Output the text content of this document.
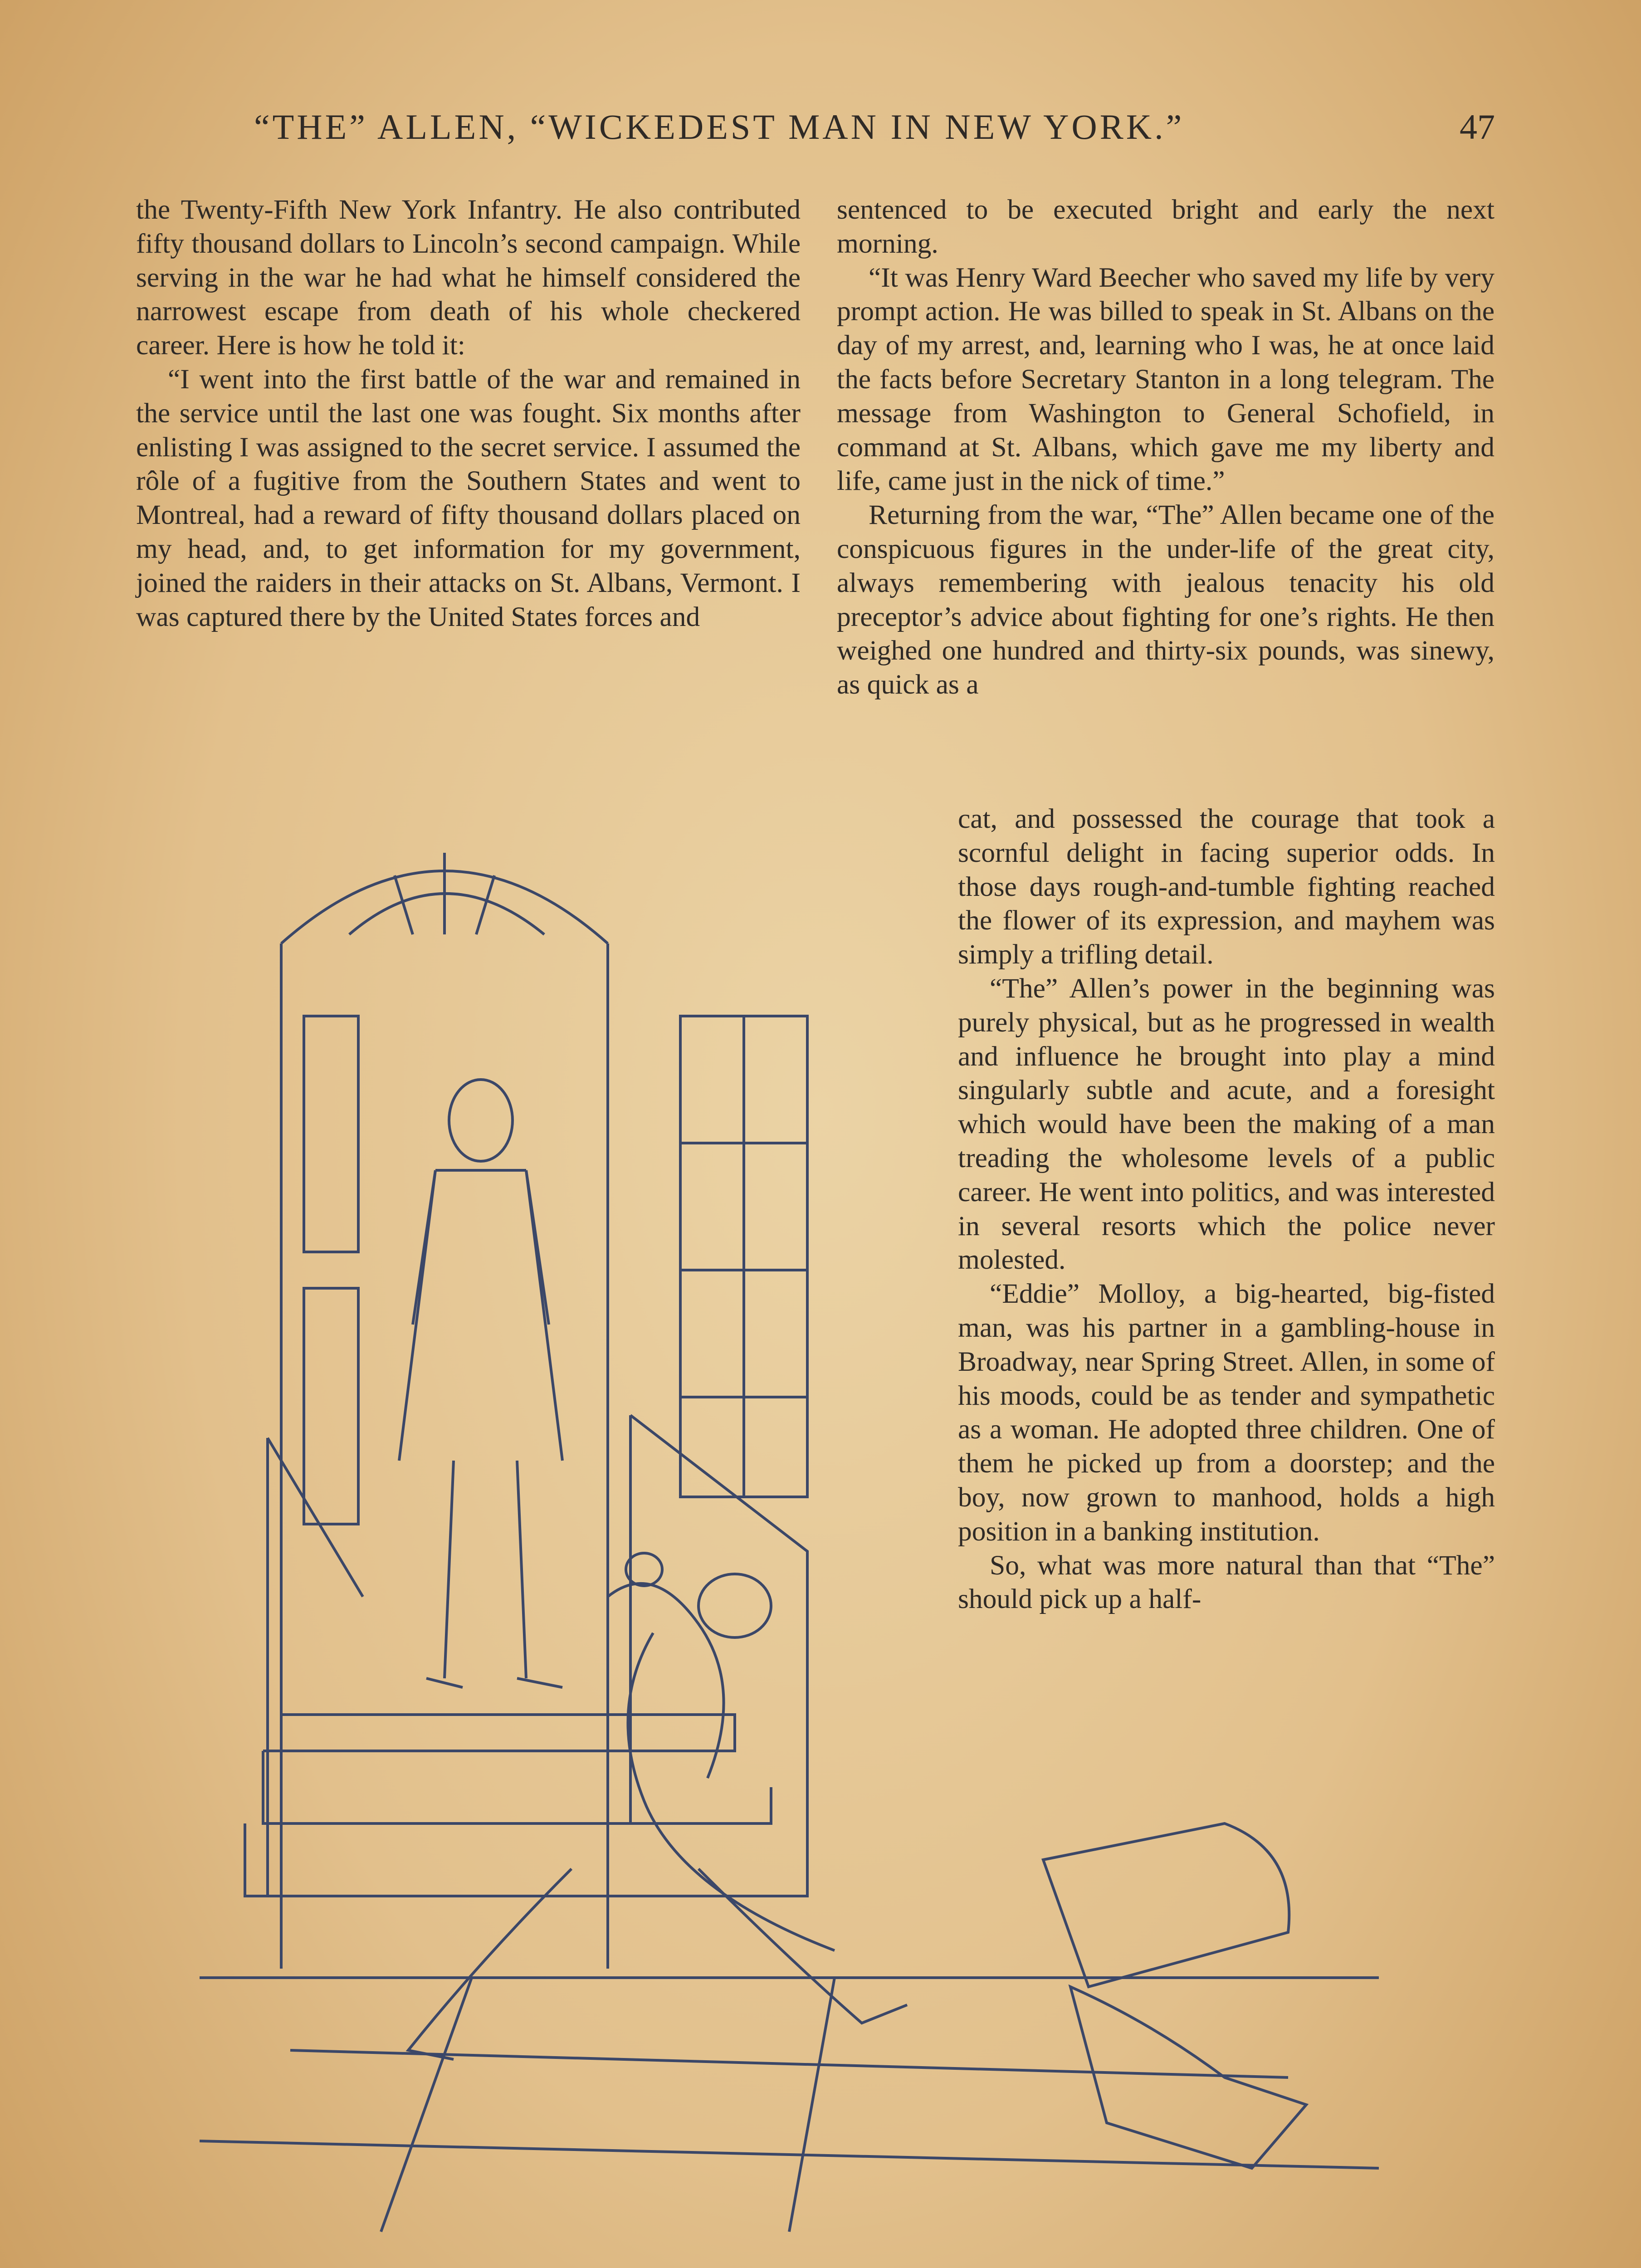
“THE” ALLEN, “WICKEDEST MAN IN NEW YORK.”	47

the Twenty-Fifth New York Infantry. He also contributed fifty thousand dollars to Lincoln’s second campaign. While serving in the war he had what he himself considered the narrowest escape from death of his whole checkered career. Here is how he told it:

“I went into the first battle of the war and remained in the service until the last one was fought. Six months after enlisting I was assigned to the secret service. I assumed the rôle of a fugitive from the Southern States and went to Montreal, had a reward of fifty thousand dollars placed on my head, and, to get information for my government, joined the raiders in their attacks on St. Albans, Vermont. I was captured there by the United States forces and

sentenced to be executed bright and early the next morning.

“It was Henry Ward Beecher who saved my life by very prompt action. He was billed to speak in St. Albans on the day of my arrest, and, learning who I was, he at once laid the facts before Secretary Stanton in a long telegram. The message from Washington to General Schofield, in command at St. Albans, which gave me my liberty and life, came just in the nick of time.”

Returning from the war, “The” Allen became one of the conspicuous figures in the under-life of the great city, always remembering with jealous tenacity his old preceptor’s advice about fighting for one’s rights. He then weighed one hundred and thirty-six pounds, was sinewy, as quick as a

cat, and possessed the courage that took a scornful delight in facing superior odds. In those days rough-and-tumble fighting reached the flower of its expression, and mayhem was simply a trifling detail.

“The” Allen’s power in the beginning was purely physical, but as he progressed in wealth and influence he brought into play a mind singularly subtle and acute, and a foresight which would have been the making of a man treading the wholesome levels of a public career. He went into politics, and was interested in several resorts which the police never molested.

“Eddie” Molloy, a big-hearted, big-fisted man, was his partner in a gambling-house in Broadway, near Spring Street. Allen, in some of his moods, could be as tender and sympathetic as a woman. He adopted three children. One of them he picked up from a doorstep; and the boy, now grown to manhood, holds a high position in a banking institution.

So, what was more natural than that “The” should pick up a half-
